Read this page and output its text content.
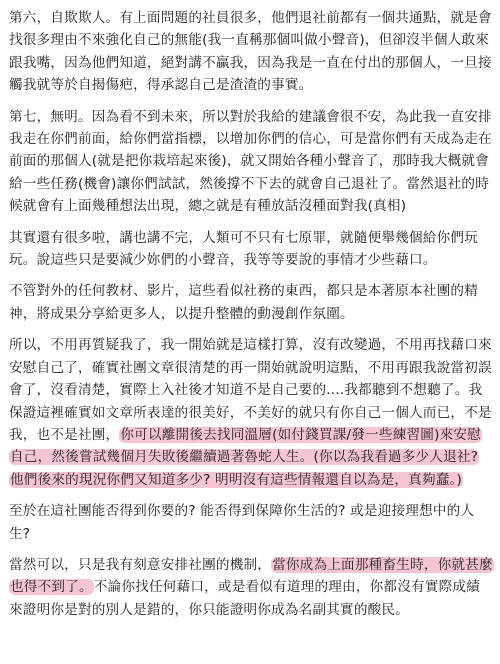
第六，自欺欺人。有上面問題的社員很多，他們退社前都有一個共通點，就是會找很多理由不來強化自己的無能(我一直稱那個叫做小聲音)，但卻沒半個人敢來跟我嘴，因為他們知道，絕對講不贏我，因為我是一直在付出的那個人，一旦接觸我就等於自揭傷疤，得承認自己是渣渣的事實。

第七，無明。因為看不到未來，所以對於我給的建議會很不安，為此我一直安排我走在你們前面，給你們當指標，以增加你們的信心，可是當你們有天成為走在前面的那個人(就是把你栽培起來後)，就又開始各種小聲音了，那時我大概就會給一些任務(機會)讓你們試試，然後撐不下去的就會自己退社了。當然退社的時候就會有上面幾種想法出現，總之就是有種放話沒種面對我(真相)

其實還有很多啦，講也講不完，人類可不只有七原罪，就隨便舉幾個給你們玩玩。說這些只是要減少妳們的小聲音，我等等要說的事情才少些藉口。

不管對外的任何教材、影片，這些看似社務的東西，都只是本著原本社團的精神，將成果分享給更多人，以提升整體的動漫創作氛圍。

所以，不用再質疑我了，我一開始就是這樣打算，沒有改變過，不用再找藉口來安慰自己了，確實社團文章很清楚的再一開始就說明這點，不用再跟我說當初誤會了，沒看清楚，實際上入社後才知道不是自己要的....我都聽到不想聽了。我保證這裡確實如文章所表達的很美好，不美好的就只有你自己一個人而已，不是我，也不是社團，你可以離開後去找同溫層(如付錢買課/發一些練習圖)來安慰自己，然後嘗試幾個月失敗後繼續過著魯蛇人生。(你以為我看過多少人退社? 他們後來的現況你們又知道多少? 明明沒有這些情報還自以為是，真夠蠢。)

至於在這社團能否得到你要的? 能否得到保障你生活的? 或是迎接理想中的人生?

當然可以，只是我有刻意安排社團的機制，當你成為上面那種畜生時，你就甚麼也得不到了。不論你找任何藉口，或是看似有道理的理由，你都沒有實際成績來證明你是對的別人是錯的，你只能證明你成為名副其實的酸民。
